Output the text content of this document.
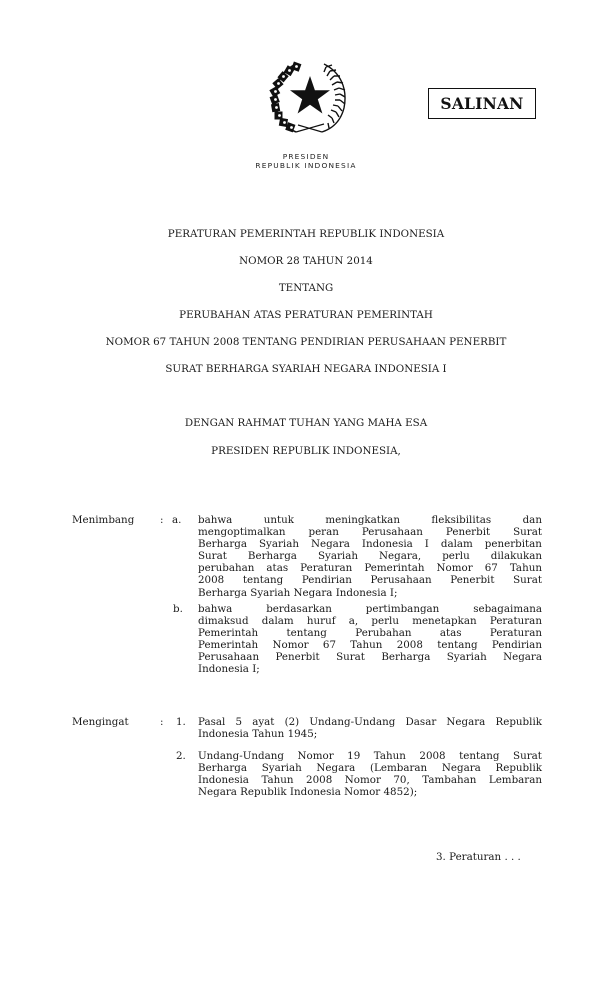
SALINAN
PRESIDEN
REPUBLIK INDONESIA
PERATURAN PEMERINTAH REPUBLIK INDONESIA
NOMOR 28 TAHUN 2014
TENTANG
PERUBAHAN ATAS PERATURAN PEMERINTAH
NOMOR 67 TAHUN 2008 TENTANG PENDIRIAN PERUSAHAAN PENERBIT
SURAT BERHARGA SYARIAH NEGARA INDONESIA I
DENGAN RAHMAT TUHAN YANG MAHA ESA
PRESIDEN REPUBLIK INDONESIA,
Menimbang : a. bahwa	untuk	meningkatkan	fleksibilitas	dan
mengoptimalkan peran Perusahaan Penerbit Surat
Berharga Syariah Negara Indonesia I dalam penerbitan
Surat Berharga Syariah Negara, perlu dilakukan
perubahan atas Peraturan Pemerintah Nomor 67 Tahun
2008 tentang Pendirian Perusahaan Penerbit Surat
Berharga Syariah Negara Indonesia I;
b. bahwa	berdasarkan	pertimbangan	sebagaimana
dimaksud dalam huruf a, perlu menetapkan Peraturan
Pemerintah	tentang	Perubahan	atas	Peraturan
Pemerintah Nomor 67 Tahun 2008 tentang Pendirian
Perusahaan Penerbit Surat Berharga Syariah Negara
Indonesia I;
Mengingat	: 1. Pasal 5 ayat (2) Undang-Undang Dasar Negara Republik
Indonesia Tahun 1945;
2. Undang-Undang Nomor 19 Tahun 2008 tentang Surat
Berharga Syariah Negara (Lembaran Negara Republik
Indonesia Tahun 2008 Nomor 70, Tambahan Lembaran
Negara Republik Indonesia Nomor 4852);
3. Peraturan . . .
